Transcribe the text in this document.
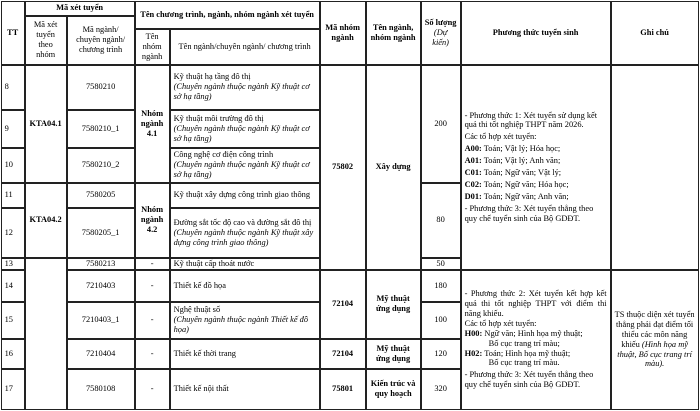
TT
Mã xét tuyển
Mã xét tuyển theo nhóm
Mã ngành/ chuyên ngành/ chương trình
Tên chương trình, ngành, nhóm ngành xét tuyển
Tên nhóm ngành
Tên ngành/chuyên ngành/ chương trình
Mã nhóm ngành
Tên ngành, nhóm ngành
Số lượng
(Dự kiến)
Phương thức tuyển sinh	Ghi chú
8
9
10
11
12
13
14
15
16
17
KTA04.1
KTA04.2
7580210
7580210_1
7580210_2
7580205
7580205_1
7580213
7210403
7210403_1
7210404
7580108
Nhóm ngành 4.1
Nhóm ngành 4.2
-
-
-
-
-
Kỹ thuật hạ tầng đô thị
(Chuyên ngành thuộc ngành Kỹ thuật cơ sở hạ tầng)
Kỹ thuật môi trường đô thị
(Chuyên ngành thuộc ngành Kỹ thuật cơ sở hạ tầng)
Công nghệ cơ điện công trình
(Chuyên ngành thuộc ngành Kỹ thuật cơ sở hạ tầng)
Kỹ thuật xây dựng công trình giao thông
Đường sắt tốc độ cao và đường sắt đô thị
(Chuyên ngành thuộc ngành Kỹ thuật xây dựng công trình giao thông)
Kỹ thuật cấp thoát nước
Thiết kế đồ họa
Nghệ thuật số
(Chuyên ngành thuộc ngành Thiết kế đồ họa)
Thiết kế thời trang
Thiết kế nội thất
75802	Xây dựng
72104
Mỹ thuật ứng dụng
72104
Mỹ thuật ứng dụng
75801
Kiến trúc và quy hoạch
200
80
50
180
100
120
320
- Phương thức 1: Xét tuyển sử dụng kết quả thi tốt nghiệp THPT năm 2026.
Các tổ hợp xét tuyển:
A00: Toán; Vật lý; Hóa học;
A01: Toán; Vật lý; Anh văn;
C01: Toán; Ngữ văn; Vật lý;
C02: Toán; Ngữ văn; Hóa học;
D01: Toán; Ngữ văn; Anh văn;
- Phương thức 3: Xét tuyển thẳng theo quy chế tuyển sinh của Bộ GDĐT.
- Phương thức 2: Xét tuyển kết hợp kết quả thi tốt nghiệp THPT với điểm thi năng khiếu.
Các tổ hợp xét tuyển:
H00: Ngữ văn; Hình họa mỹ thuật;
Bố cục trang trí màu;
H02: Toán; Hình họa mỹ thuật;
Bố cục trang trí màu.
- Phương thức 3: Xét tuyển thẳng theo quy chế tuyển sinh của Bộ GDĐT.
TS thuộc diện xét tuyển thẳng phải đạt điểm tối thiểu các môn năng khiếu (Hình họa mỹ thuật, Bố cục trang trí màu).
